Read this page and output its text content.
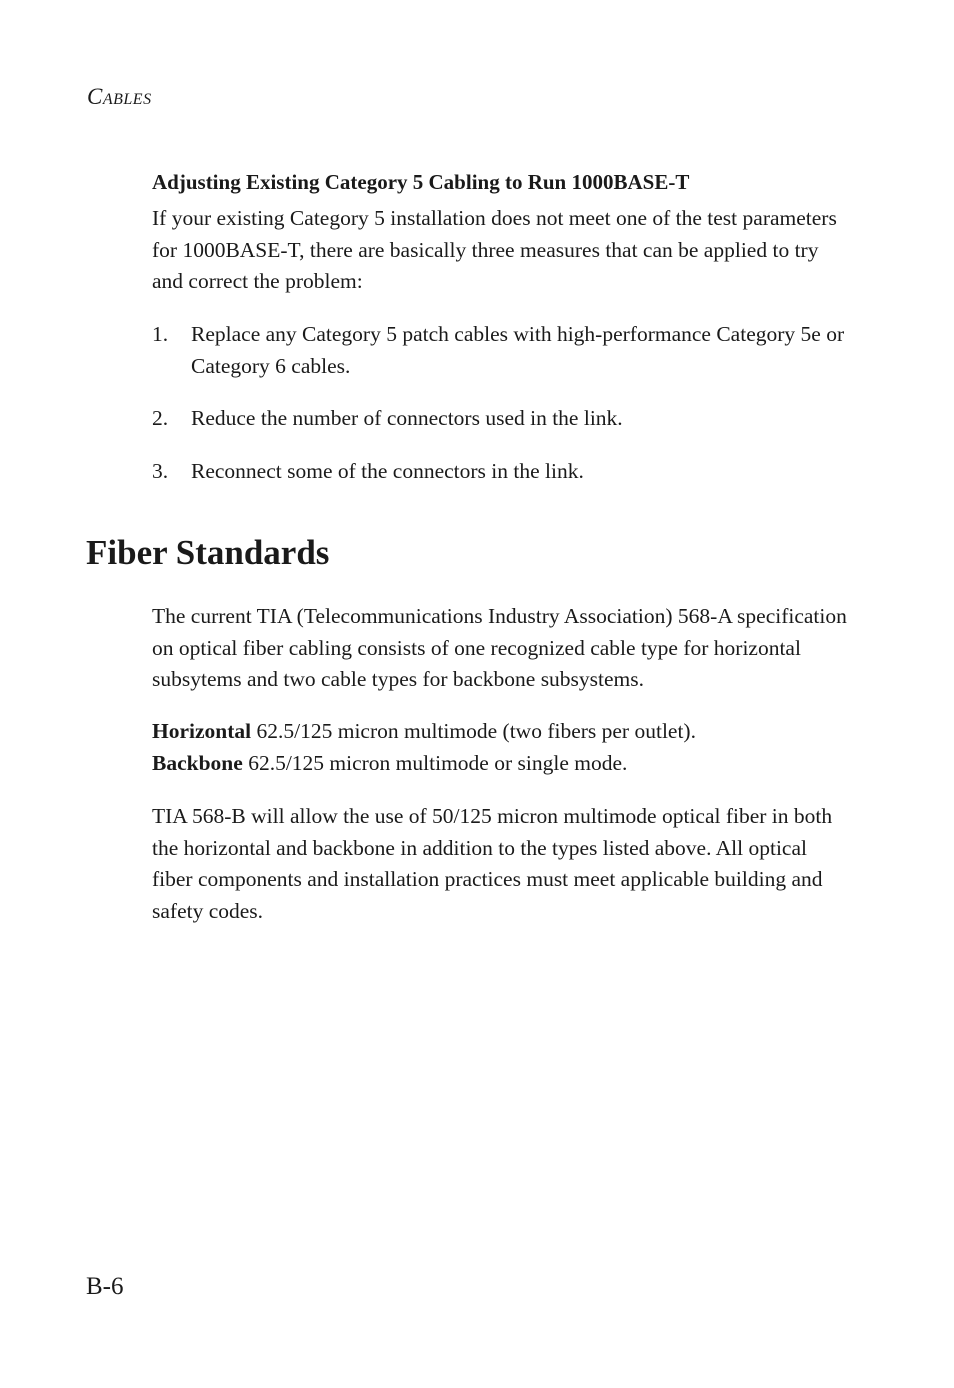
CABLES
Adjusting Existing Category 5 Cabling to Run 1000BASE-T

If your existing Category 5 installation does not meet one of the test parameters for 1000BASE-T, there are basically three measures that can be applied to try and correct the problem:

1. Replace any Category 5 patch cables with high-performance Category 5e or Category 6 cables.
2. Reduce the number of connectors used in the link.
3. Reconnect some of the connectors in the link.
Fiber Standards

The current TIA (Telecommunications Industry Association) 568-A specification on optical fiber cabling consists of one recognized cable type for horizontal subsytems and two cable types for backbone subsystems.

Horizontal 62.5/125 micron multimode (two fibers per outlet).
Backbone 62.5/125 micron multimode or single mode.

TIA 568-B will allow the use of 50/125 micron multimode optical fiber in both the horizontal and backbone in addition to the types listed above. All optical fiber components and installation practices must meet applicable building and safety codes.

B-6
